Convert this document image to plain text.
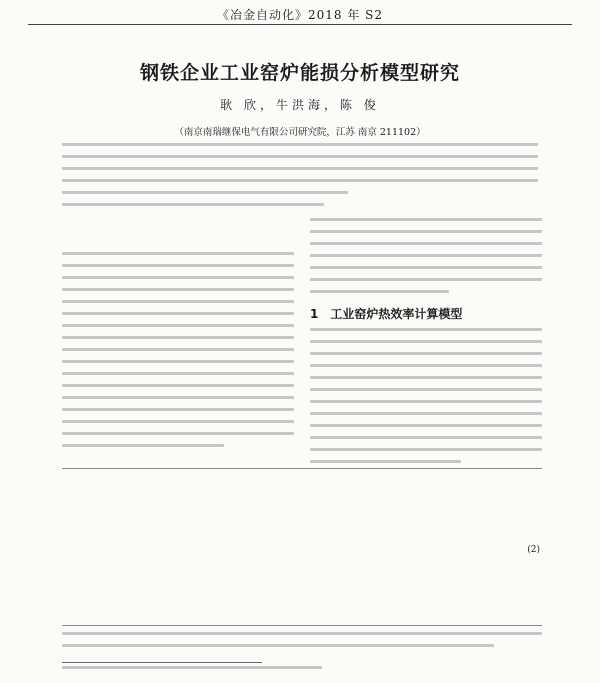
《冶金自动化》2018 年 S2
钢铁企业工业窑炉能损分析模型研究
耿 欣，牛洪海，陈 俊
（南京南瑞继保电气有限公司研究院，江苏 南京 211102）
1　工业窑炉热效率计算模型
(2)
